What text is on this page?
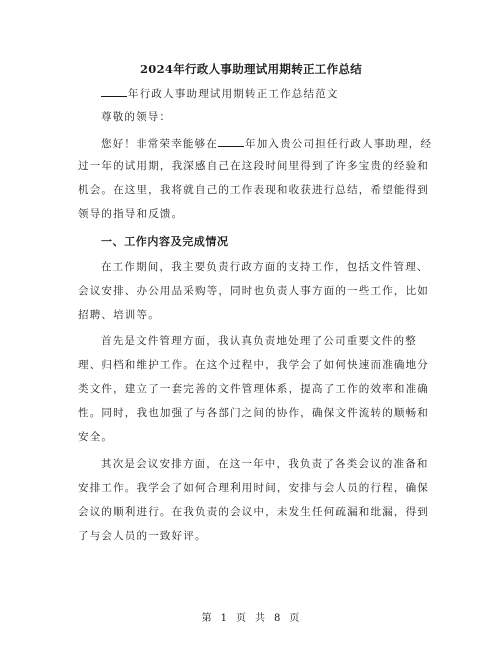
2024年行政人事助理试用期转正工作总结
年行政人事助理试用期转正工作总结范文
尊敬的领导：
您好！非常荣幸能够在	年加入贵公司担任行政人事助理，经
过一年的试用期，我深感自己在这段时间里得到了许多宝贵的经验和
机会。在这里，我将就自己的工作表现和收获进行总结，希望能得到
领导的指导和反馈。
一、工作内容及完成情况
在工作期间，我主要负责行政方面的支持工作，包括文件管理、
会议安排、办公用品采购等，同时也负责人事方面的一些工作，比如
招聘、培训等。
首先是文件管理方面，我认真负责地处理了公司重要文件的整
理、归档和维护工作。在这个过程中，我学会了如何快速而准确地分
类文件，建立了一套完善的文件管理体系，提高了工作的效率和准确
性。同时，我也加强了与各部门之间的协作，确保文件流转的顺畅和
安全。
其次是会议安排方面，在这一年中，我负责了各类会议的准备和
安排工作。我学会了如何合理利用时间，安排与会人员的行程，确保
会议的顺利进行。在我负责的会议中，未发生任何疏漏和纰漏，得到
了与会人员的一致好评。
第 1 页 共 8 页
